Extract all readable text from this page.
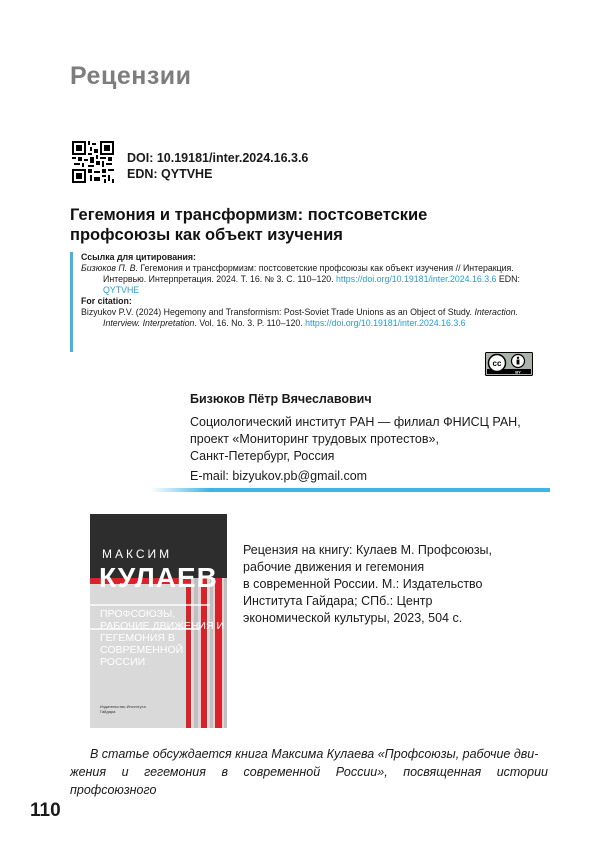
Рецензии
DOI: 10.19181/inter.2024.16.3.6
EDN: QYTVHE
Гегемония и трансформизм: постсоветские
профсоюзы как объект изучения
Ссылка для цитирования:
Бизюков П. В. Гегемония и трансформизм: постсоветские профсоюзы как объект изучения // Интеракция. Интервью. Интерпретация. 2024. Т. 16. № 3. С. 110–120. https://doi.org/10.19181/inter.2024.16.3.6 EDN: QYTVHE
For citation:
Bizyukov P.V. (2024) Hegemony and Transformism: Post-Soviet Trade Unions as an Object of Study. Interaction. Interview. Interpretation. Vol. 16. No. 3. P. 110–120. https://doi.org/10.19181/inter.2024.16.3.6
cc
BY
Бизюков Пётр Вячеславович
Социологический институт РАН — филиал ФНИСЦ РАН,
проект «Мониторинг трудовых протестов»,
Санкт-Петербург, Россия
E-mail: bizyukov.pb@gmail.com
МАКСИМ
КУЛАЕВ
ПРОФСОЮЗЫ, РАБОЧИЕ ДВИЖЕНИЯ И ГЕГЕМОНИЯ В СОВРЕМЕННОЙ РОССИИ
Издательство Института Гайдара
Рецензия на книгу: Кулаев М. Профсоюзы,
рабочие движения и гегемония
в современной России. М.: Издательство
Института Гайдара; СПб.: Центр
экономической культуры, 2023, 504 с.
В статье обсуждается книга Максима Кулаева «Профсоюзы, рабочие дви-
жения и гегемония в современной России», посвященная истории профсоюзного
110
